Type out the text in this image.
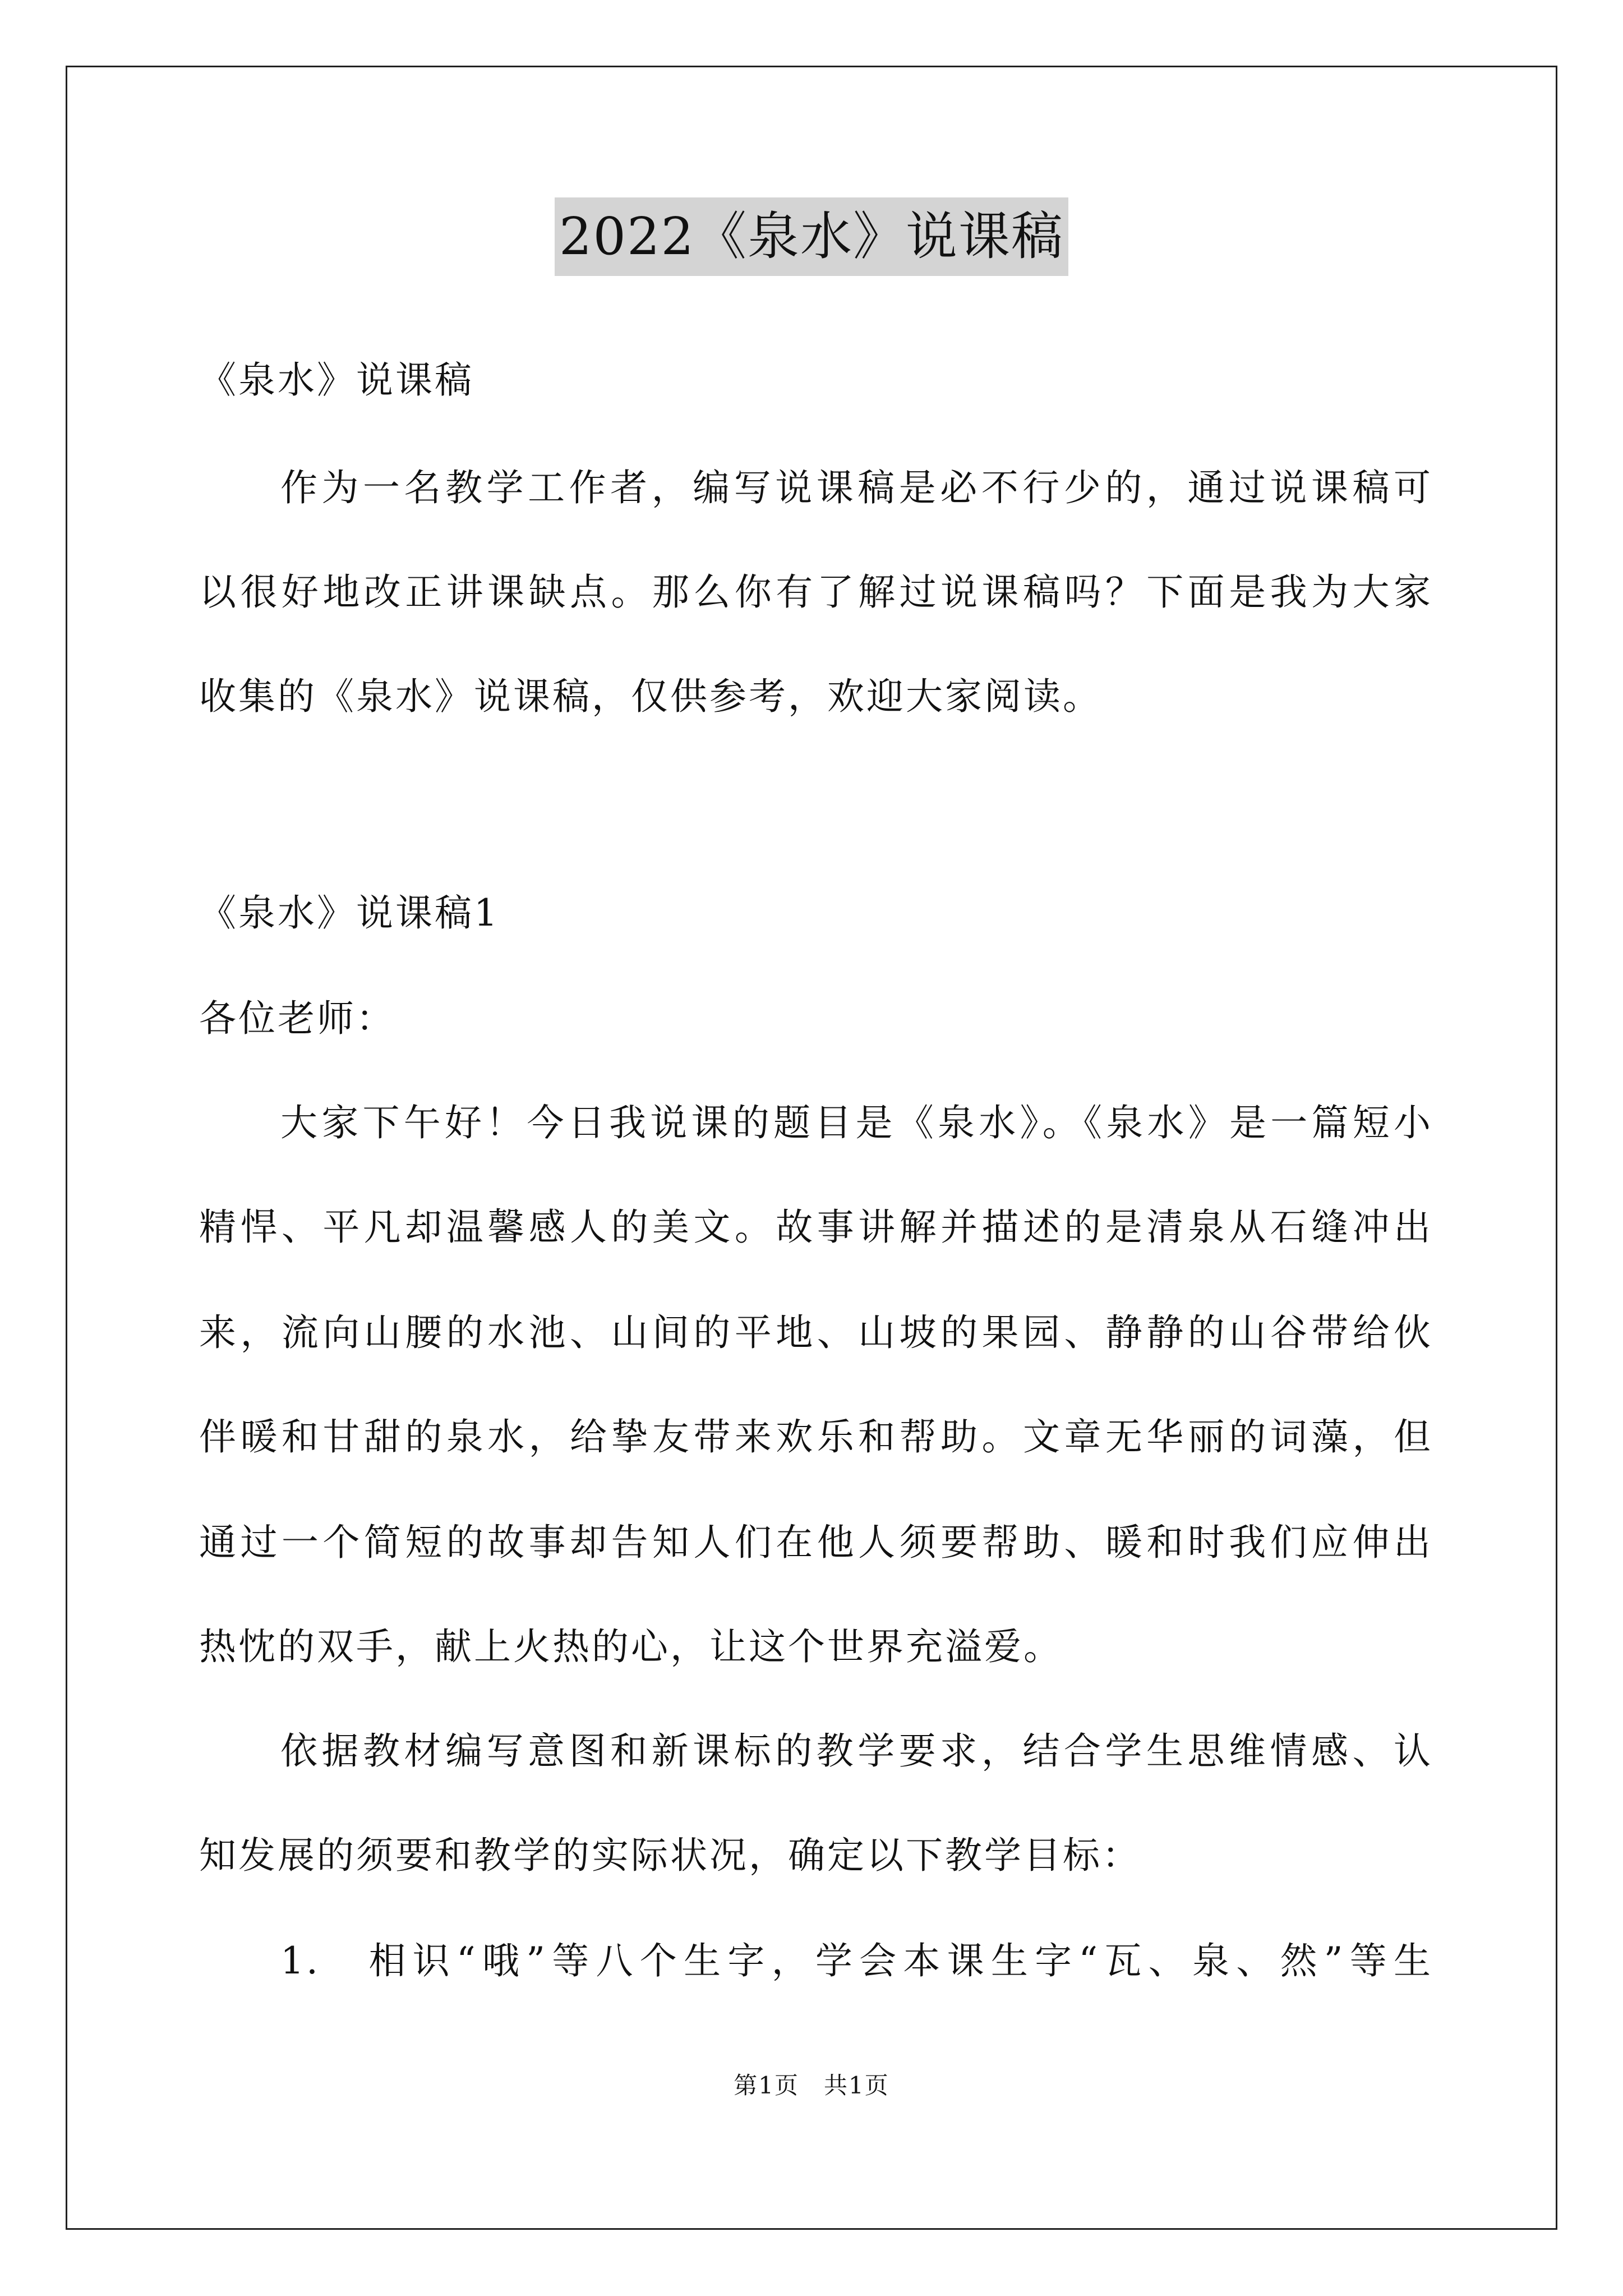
2022《泉水》说课稿
《泉水》说课稿
作为一名教学工作者，编写说课稿是必不行少的，通过说课稿可
以很好地改正讲课缺点。那么你有了解过说课稿吗？下面是我为大家
收集的《泉水》说课稿，仅供参考，欢迎大家阅读。
《泉水》说课稿1
各位老师：
大家下午好！今日我说课的题目是《泉水》。《泉水》是一篇短小
精悍、平凡却温馨感人的美文。故事讲解并描述的是清泉从石缝冲出
来，流向山腰的水池、山间的平地、山坡的果园、静静的山谷带给伙
伴暖和甘甜的泉水，给挚友带来欢乐和帮助。文章无华丽的词藻，但
通过一个简短的故事却告知人们在他人须要帮助、暖和时我们应伸出
热忱的双手，献上火热的心，让这个世界充溢爱。
依据教材编写意图和新课标的教学要求，结合学生思维情感、认
知发展的须要和教学的实际状况，确定以下教学目标：
1.　相识“哦”等八个生字，学会本课生字“瓦、泉、然”等生
第1页　共1页
